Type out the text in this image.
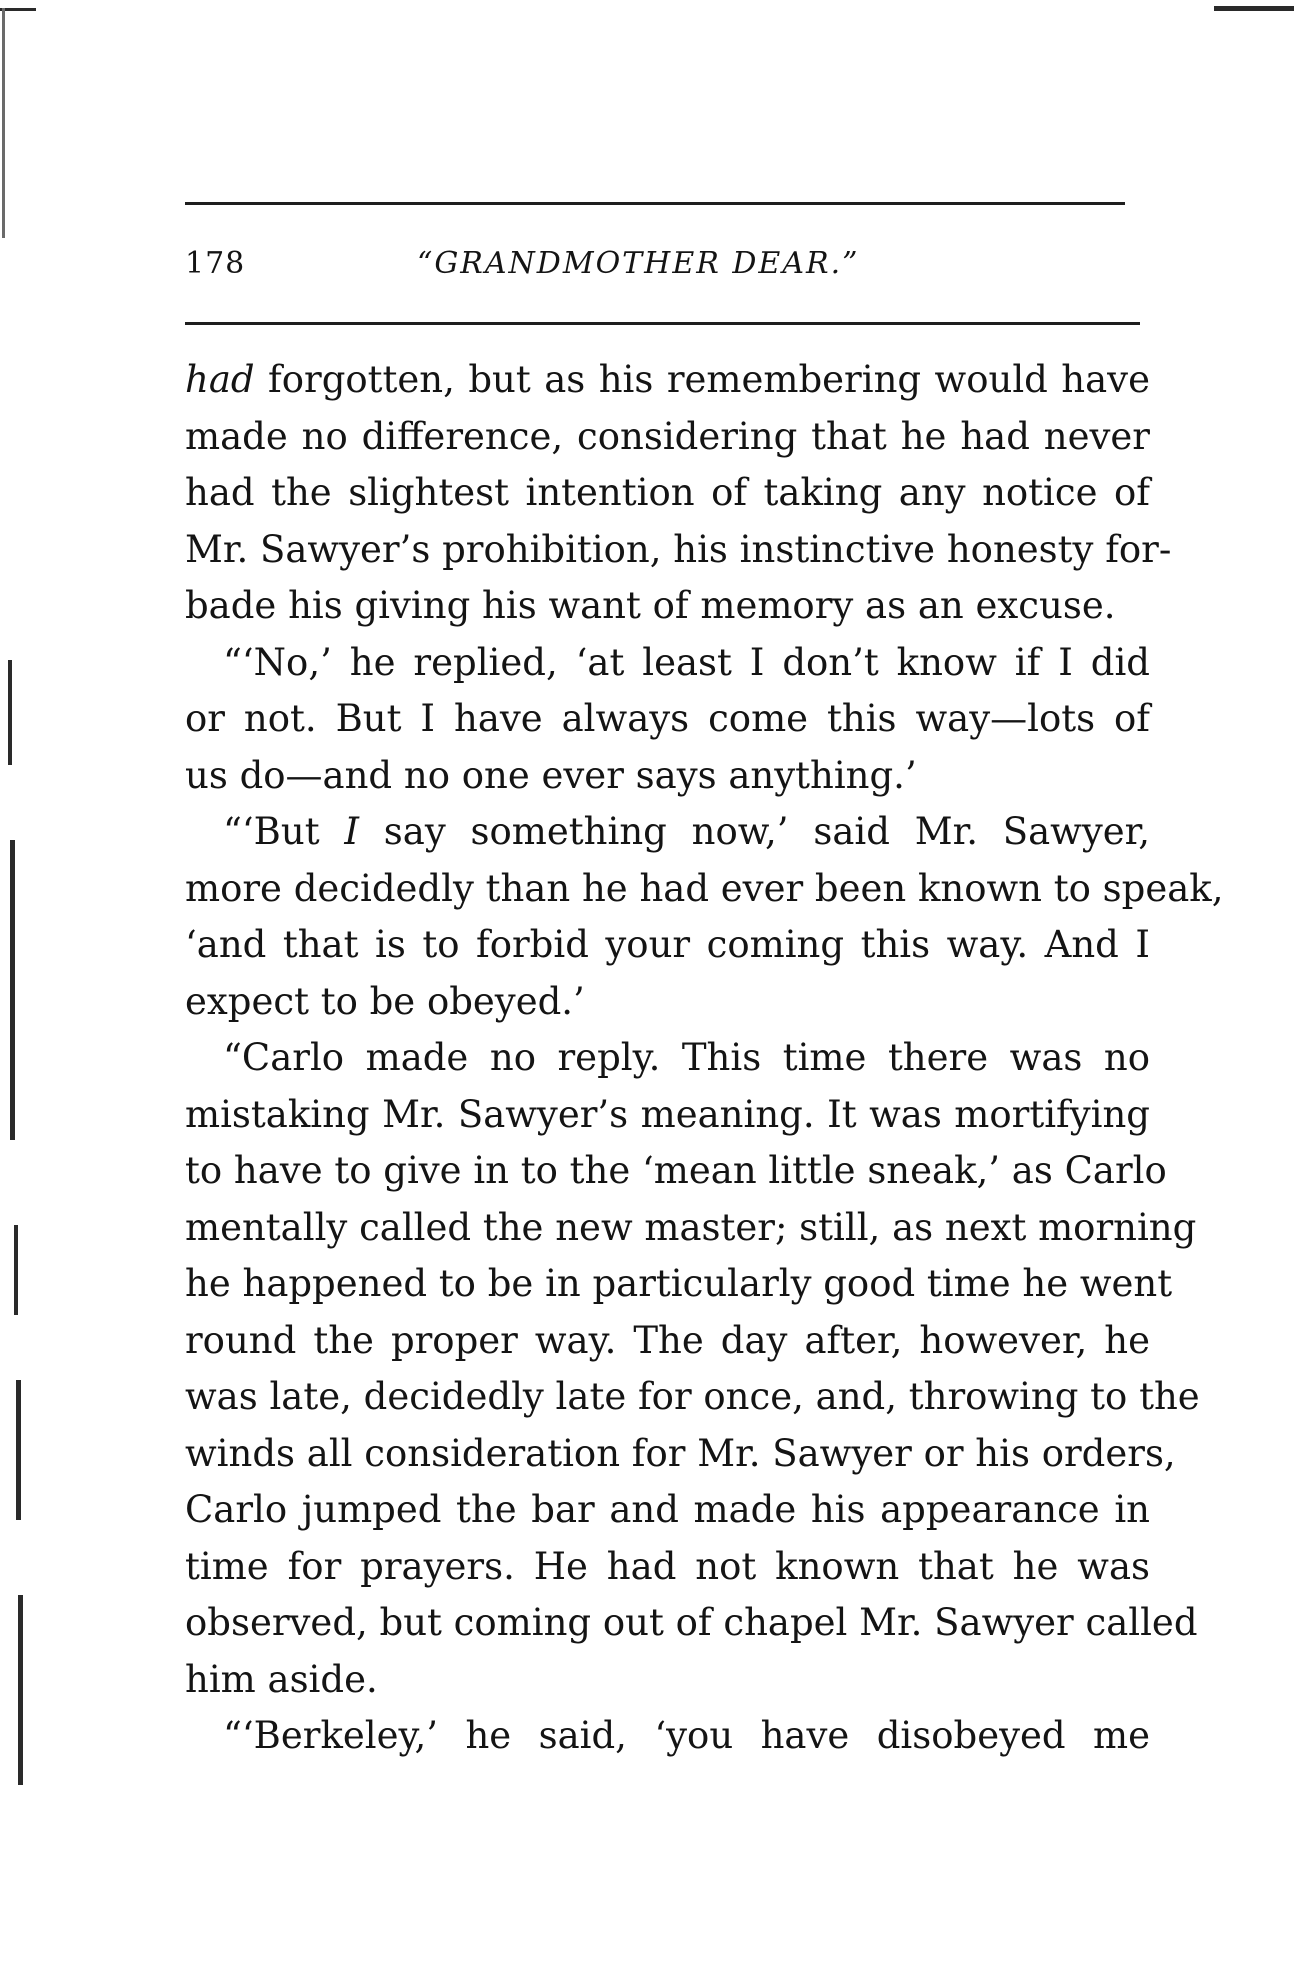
178	“GRANDMOTHER DEAR.”
had forgotten, but as his remembering would have
made no difference, considering that he had never
had the slightest intention of taking any notice of
Mr. Sawyer’s prohibition, his instinctive honesty for-
bade his giving his want of memory as an excuse.
“‘No,’ he replied, ‘at least I don’t know if I did
or not. But I have always come this way—lots of
us do—and no one ever says anything.’
“‘But I say something now,’ said Mr. Sawyer,
more decidedly than he had ever been known to speak,
‘and that is to forbid your coming this way. And I
expect to be obeyed.’
“Carlo made no reply. This time there was no
mistaking Mr. Sawyer’s meaning. It was mortifying
to have to give in to the ‘mean little sneak,’ as Carlo
mentally called the new master; still, as next morning
he happened to be in particularly good time he went
round the proper way. The day after, however, he
was late, decidedly late for once, and, throwing to the
winds all consideration for Mr. Sawyer or his orders,
Carlo jumped the bar and made his appearance in
time for prayers. He had not known that he was
observed, but coming out of chapel Mr. Sawyer called
him aside.
“‘Berkeley,’ he said, ‘you have disobeyed me
